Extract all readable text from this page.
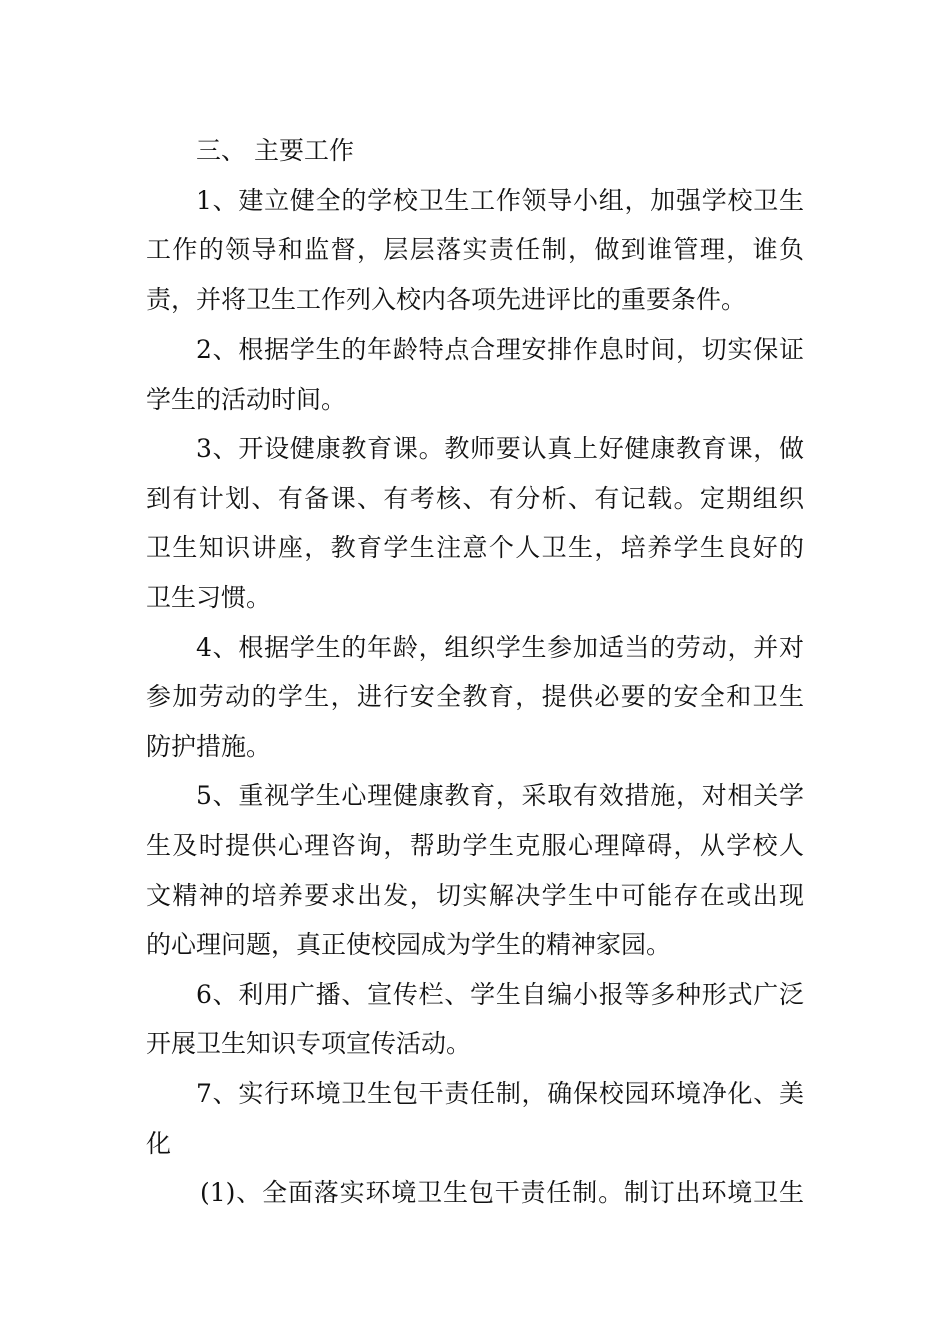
三、 主要工作
1、建立健全的学校卫生工作领导小组，加强学校卫生
工作的领导和监督，层层落实责任制，做到谁管理，谁负
责，并将卫生工作列入校内各项先进评比的重要条件。
2、根据学生的年龄特点合理安排作息时间，切实保证
学生的活动时间。
3、开设健康教育课。教师要认真上好健康教育课，做
到有计划、有备课、有考核、有分析、有记载。定期组织
卫生知识讲座，教育学生注意个人卫生，培养学生良好的
卫生习惯。
4、根据学生的年龄，组织学生参加适当的劳动，并对
参加劳动的学生，进行安全教育，提供必要的安全和卫生
防护措施。
5、重视学生心理健康教育，采取有效措施，对相关学
生及时提供心理咨询，帮助学生克服心理障碍，从学校人
文精神的培养要求出发，切实解决学生中可能存在或出现
的心理问题，真正使校园成为学生的精神家园。
6、利用广播、宣传栏、学生自编小报等多种形式广泛
开展卫生知识专项宣传活动。
7、实行环境卫生包干责任制，确保校园环境净化、美
化
(1)、全面落实环境卫生包干责任制。制订出环境卫生
